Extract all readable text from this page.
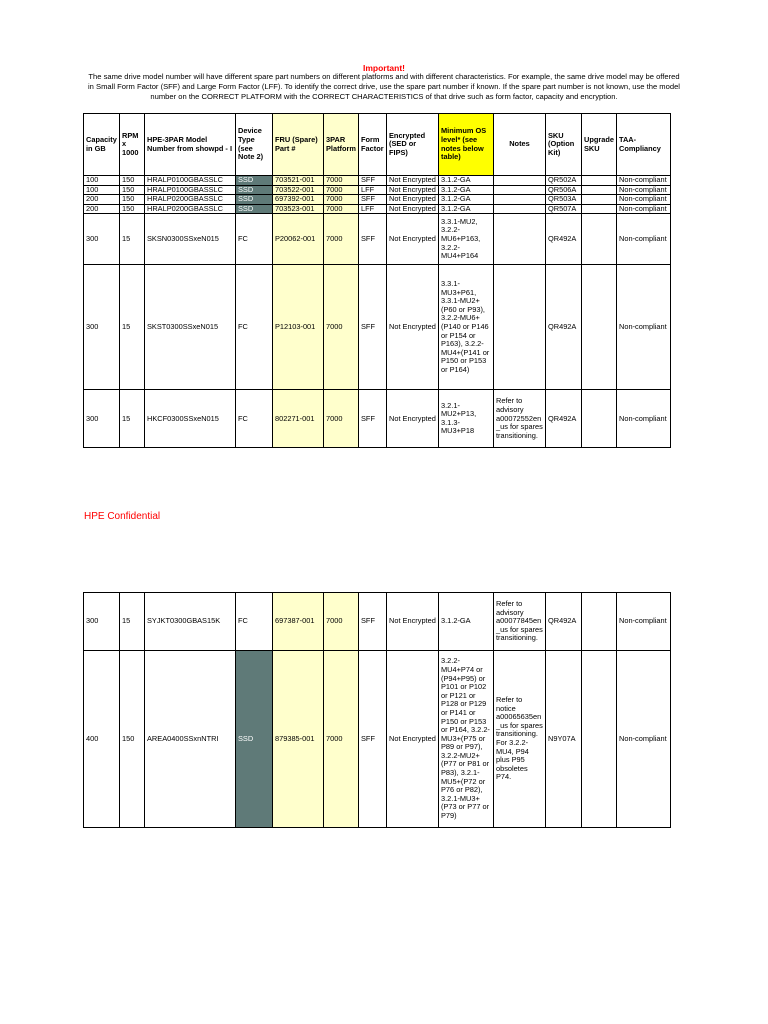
Important!
The same drive model number will have different spare part numbers on different platforms and with different characteristics. For example, the same drive model may be offered in Small Form Factor (SFF) and Large Form Factor (LFF). To identify the correct drive, use the spare part number if known. If the spare part number is not known, use the model number on the CORRECT PLATFORM with the CORRECT CHARACTERISTICS of that drive such as form factor, capacity and encryption.
Capacity in GB	RPM x 1000	HPE-3PAR Model Number from showpd - I	Device Type (see Note 2)	FRU (Spare) Part #	3PAR Platform	Form Factor	Encrypted (SED or FIPS)	Minimum OS level* (see notes below table)	Notes	SKU (Option Kit)	Upgrade SKU	TAA-Compliancy
100	150	HRALP0100GBASSLC	SSD	703521-001	7000	SFF	Not Encrypted	3.1.2-GA		QR502A		Non-compliant
100	150	HRALP0100GBASSLC	SSD	703522-001	7000	LFF	Not Encrypted	3.1.2-GA		QR506A		Non-compliant
200	150	HRALP0200GBASSLC	SSD	697392-001	7000	SFF	Not Encrypted	3.1.2-GA		QR503A		Non-compliant
200	150	HRALP0200GBASSLC	SSD	703523-001	7000	LFF	Not Encrypted	3.1.2-GA		QR507A		Non-compliant
300	15	SKSN0300SSxeN015	FC	P20062-001	7000	SFF	Not Encrypted	3.3.1-MU2, 3.2.2-MU6+P163, 3.2.2-MU4+P164		QR492A		Non-compliant
300	15	SKST0300SSxeN015	FC	P12103-001	7000	SFF	Not Encrypted	3.3.1-MU3+P61, 3.3.1-MU2+(P60 or P93), 3.2.2-MU6+(P140 or P146 or P154 or P163), 3.2.2-MU4+(P141 or P150 or P153 or P164)		QR492A		Non-compliant
300	15	HKCF0300SSxeN015	FC	802271-001	7000	SFF	Not Encrypted	3.2.1-MU2+P13, 3.1.3-MU3+P18	Refer to advisory a00072552en _us for spares transitioning.	QR492A		Non-compliant
HPE Confidential
300	15	SYJKT0300GBAS15K	FC	697387-001	7000	SFF	Not Encrypted	3.1.2-GA	Refer to advisory a00077845en _us for spares transitioning.	QR492A		Non-compliant
400	150	AREA0400SSxnNTRI	SSD	879385-001	7000	SFF	Not Encrypted	3.2.2-MU4+P74 or (P94+P95) or P101 or P102 or P121 or P128 or P129 or P141 or P150 or P153 or P164, 3.2.2-MU3+(P75 or P89 or P97), 3.2.2-MU2+(P77 or P81 or P83), 3.2.1-MU5+(P72 or P76 or P82), 3.2.1-MU3+(P73 or P77 or P79)	Refer to notice a00065635en _us for spares transitioning. For 3.2.2-MU4, P94 plus P95 obsoletes P74.	N9Y07A		Non-compliant
